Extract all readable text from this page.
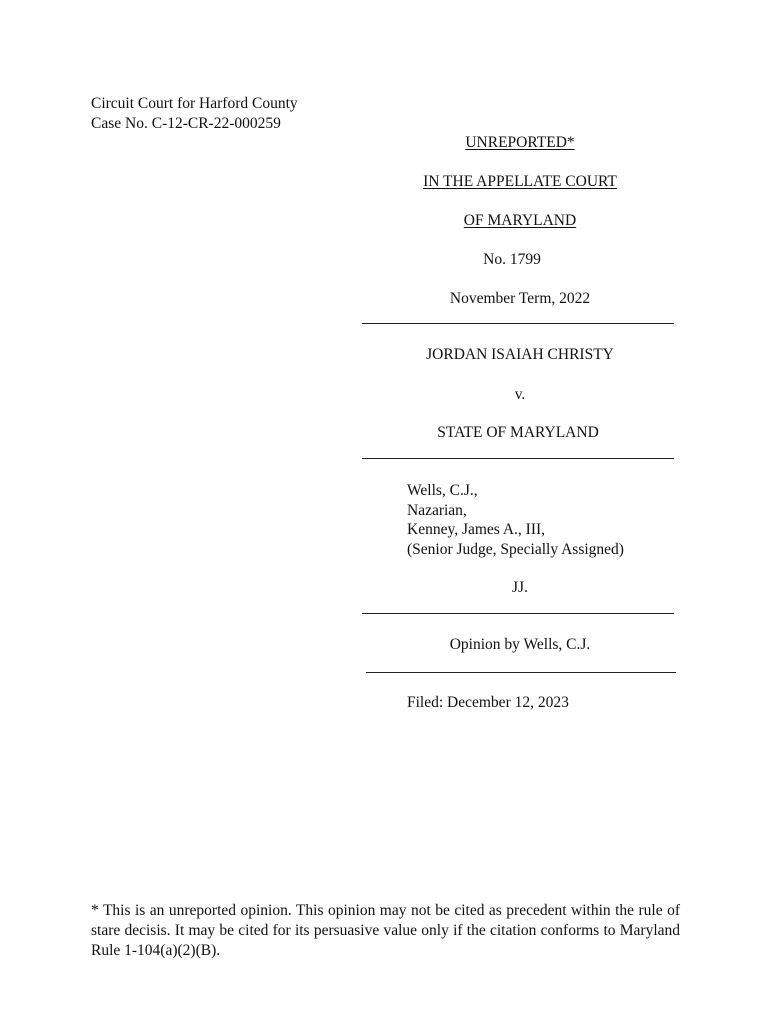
Circuit Court for Harford County
Case No. C-12-CR-22-000259
UNREPORTED*
IN THE APPELLATE COURT
OF MARYLAND
No. 1799
November Term, 2022
JORDAN ISAIAH CHRISTY
v.
STATE OF MARYLAND
Wells, C.J.,
Nazarian,
Kenney, James A., III,
(Senior Judge, Specially Assigned)
JJ.
Opinion by Wells, C.J.
Filed: December 12, 2023
* This is an unreported opinion. This opinion may not be cited as precedent within the rule of stare decisis. It may be cited for its persuasive value only if the citation conforms to Maryland Rule 1-104(a)(2)(B).
